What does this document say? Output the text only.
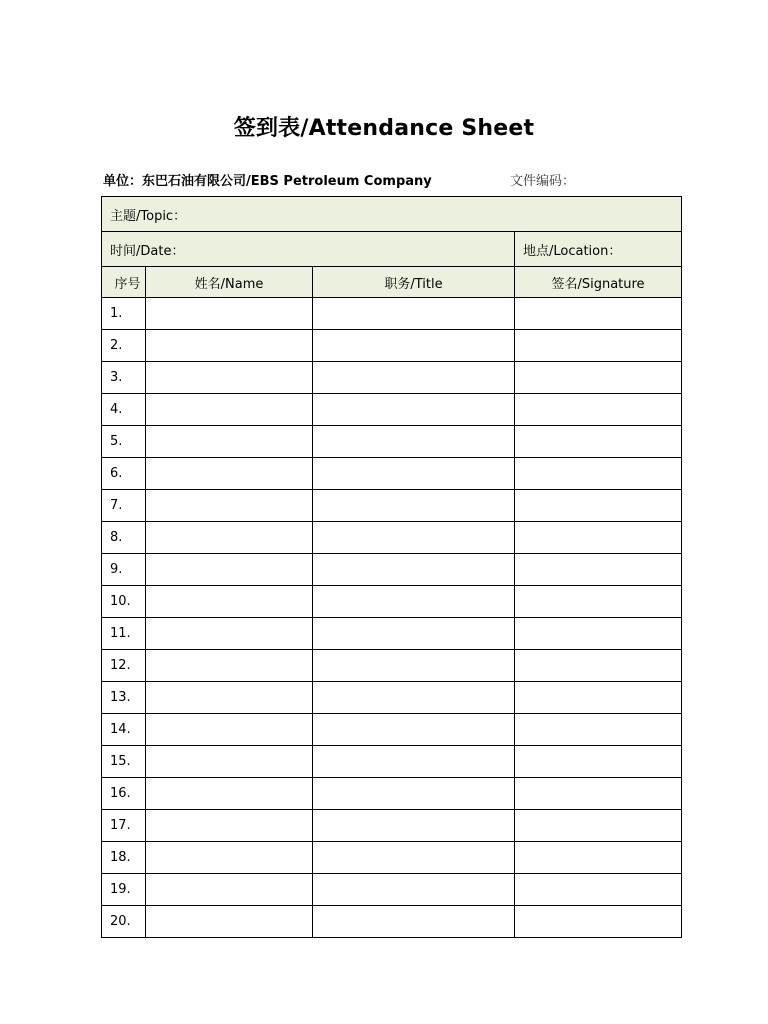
签到表/Attendance Sheet
单位：东巴石油有限公司/EBS Petroleum Company	文件编码：
主题/Topic：			
时间/Date：			地点/Location：
序号	姓名/Name	职务/Title	签名/Signature
1.			
2.			
3.			
4.			
5.			
6.			
7.			
8.			
9.			
10.			
11.			
12.			
13.			
14.			
15.			
16.			
17.			
18.			
19.			
20.			
